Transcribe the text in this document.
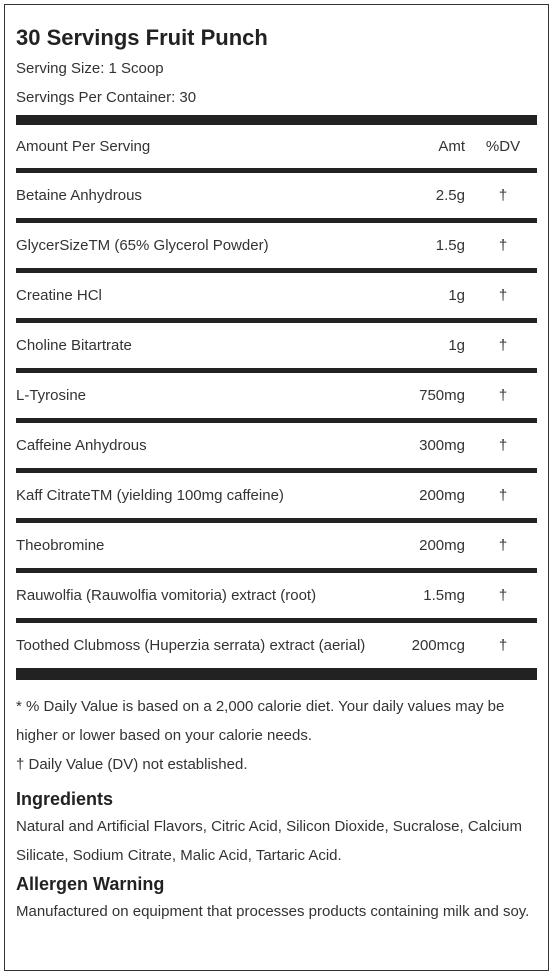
30 Servings Fruit Punch
Serving Size: 1 Scoop
Servings Per Container: 30
Amount Per Serving	Amt	%DV
Betaine Anhydrous	2.5g	†
GlycerSizeTM (65% Glycerol Powder)	1.5g	†
Creatine HCl	1g	†
Choline Bitartrate	1g	†
L-Tyrosine	750mg	†
Caffeine Anhydrous	300mg	†
Kaff CitrateTM (yielding 100mg caffeine)	200mg	†
Theobromine	200mg	†
Rauwolfia (Rauwolfia vomitoria) extract (root)	1.5mg	†
Toothed Clubmoss (Huperzia serrata) extract (aerial)	200mcg	†
* % Daily Value is based on a 2,000 calorie diet. Your daily values may be higher or lower based on your calorie needs.
† Daily Value (DV) not established.
Ingredients
Natural and Artificial Flavors, Citric Acid, Silicon Dioxide, Sucralose, Calcium Silicate, Sodium Citrate, Malic Acid, Tartaric Acid.
Allergen Warning
Manufactured on equipment that processes products containing milk and soy.
